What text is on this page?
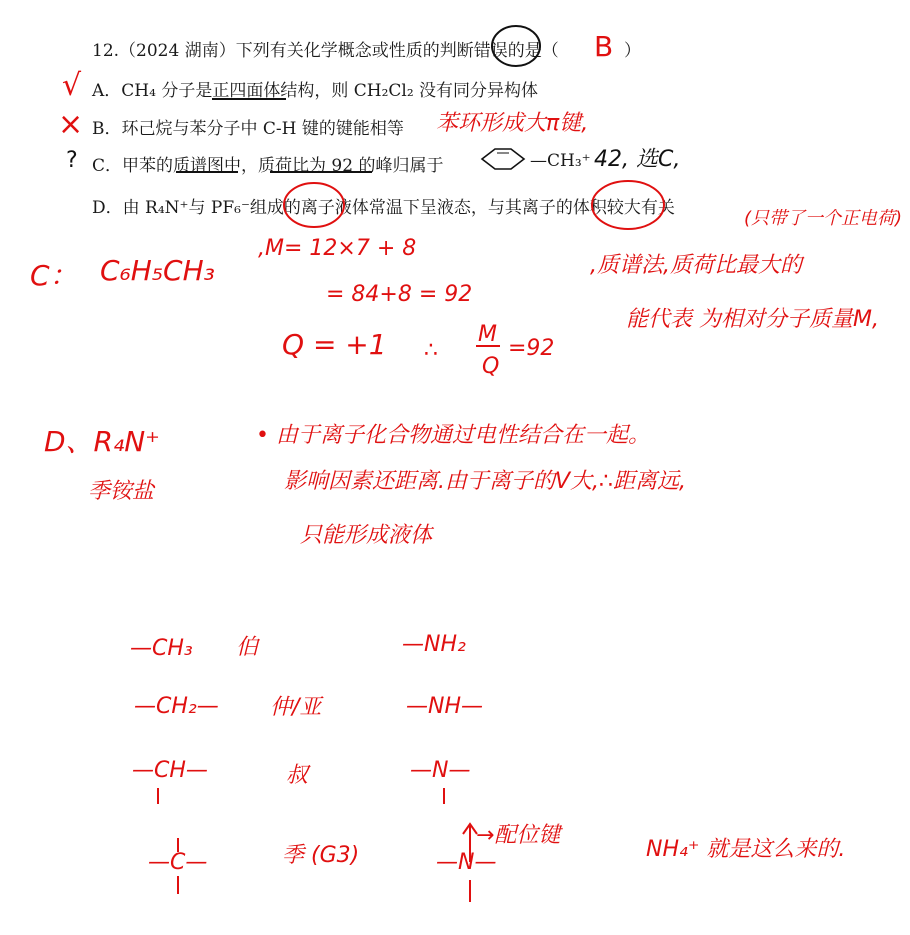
12.（2024 湖南）下列有关化学概念或性质的判断错误的是（ B ）
A．CH₄ 分子是正四面体结构，则 CH₂Cl₂ 没有同分异构体
B．环己烷与苯分子中 C-H 键的键能相等
C．甲苯的质谱图中，质荷比为 92 的峰归属于	—CH₃⁺
D．由 R₄N⁺与 PF₆⁻组成的离子液体常温下呈液态，与其离子的体积较大有关
√
×
?
苯环形成大π键,
42, 选C,
(只带了一个正电荷)
C： C₆H₅CH₃
,M= 12×7 + 8
= 84+8 = 92
Q = +1 ∴
M
Q
=92
,质谱法,质荷比最大的
能代表 为相对分子质量M,
D、R₄N⁺
季铵盐
• 由于离子化合物通过电性结合在一起。
影响因素还距离.由于离子的V大,∴距离远,
只能形成液体
—CH₃ 伯	—NH₂
—CH₂— 仲/亚	—NH—
—CH—	叔	—N—
—C—	季 (G3)	—N—
→配位键
NH₄⁺ 就是这么来的.
